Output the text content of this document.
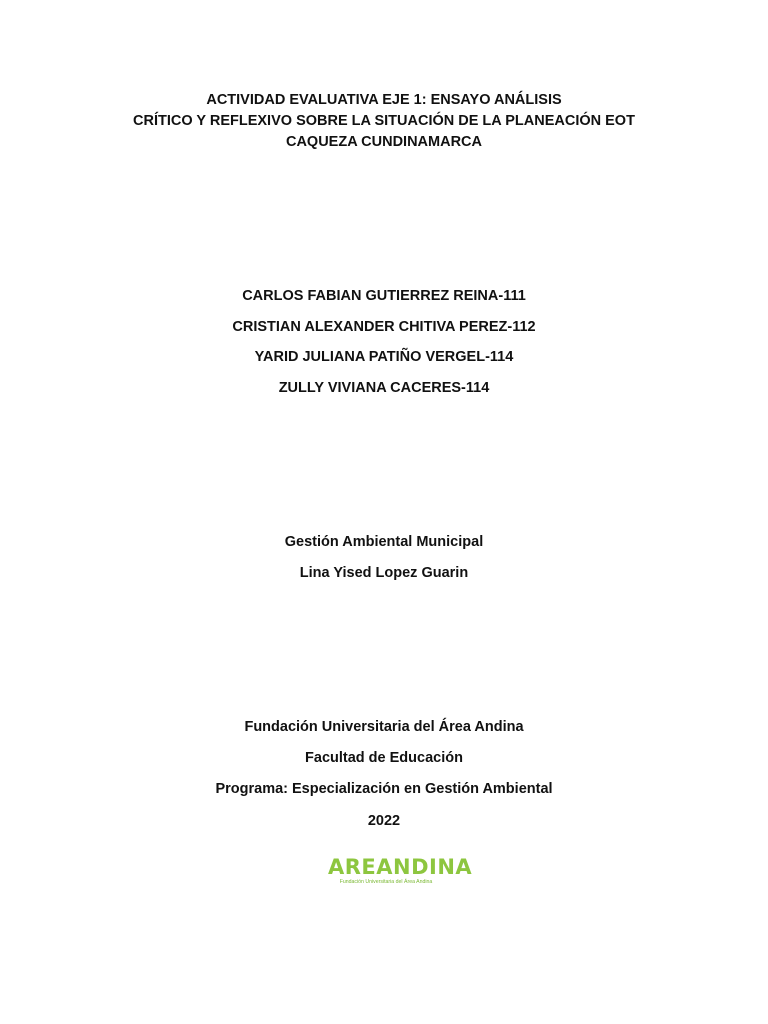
ACTIVIDAD EVALUATIVA EJE 1: ENSAYO ANÁLISIS
CRÍTICO Y REFLEXIVO SOBRE LA SITUACIÓN DE LA PLANEACIÓN EOT
CAQUEZA CUNDINAMARCA
CARLOS FABIAN GUTIERREZ REINA-111
CRISTIAN ALEXANDER CHITIVA PEREZ-112
YARID JULIANA PATIÑO VERGEL-114
ZULLY VIVIANA CACERES-114
Gestión Ambiental Municipal
Lina Yised Lopez Guarin
Fundación Universitaria del Área Andina
Facultad de Educación
Programa: Especialización en Gestión Ambiental
2022
AREANDINA
Fundación Universitaria del Área Andina
